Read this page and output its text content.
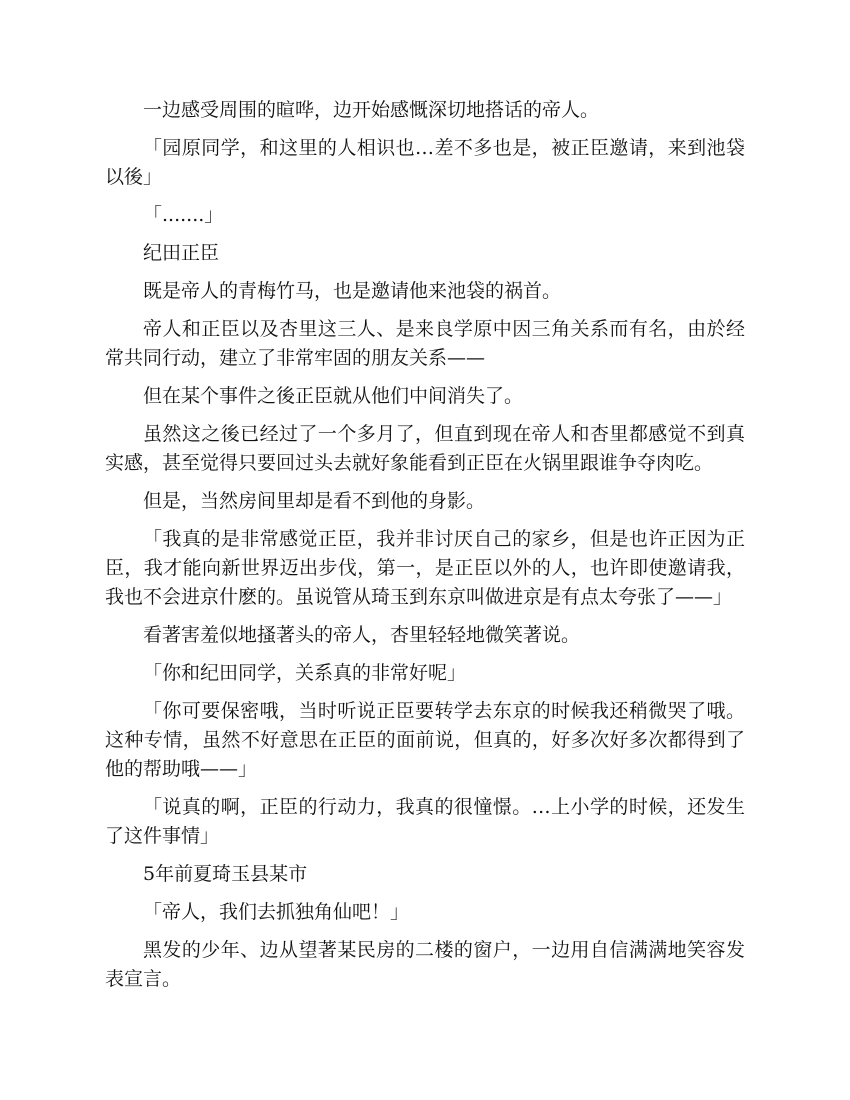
一边感受周围的暄哗，边开始感慨深切地搭话的帝人。

「园原同学，和这里的人相识也…差不多也是，被正臣邀请，来到池袋以後」

「.......」

纪田正臣

既是帝人的青梅竹马，也是邀请他来池袋的祸首。

帝人和正臣以及杏里这三人、是来良学原中因三角关系而有名，由於经常共同行动，建立了非常牢固的朋友关系——

但在某个事件之後正臣就从他们中间消失了。

虽然这之後已经过了一个多月了，但直到现在帝人和杏里都感觉不到真实感，甚至觉得只要回过头去就好象能看到正臣在火锅里跟谁争夺肉吃。

但是，当然房间里却是看不到他的身影。

「我真的是非常感觉正臣，我并非讨厌自己的家乡，但是也许正因为正臣，我才能向新世界迈出步伐，第一，是正臣以外的人，也许即使邀请我，我也不会进京什麽的。虽说管从琦玉到东京叫做进京是有点太夸张了——」

看著害羞似地搔著头的帝人，杏里轻轻地微笑著说。

「你和纪田同学，关系真的非常好呢」

「你可要保密哦，当时听说正臣要转学去东京的时候我还稍微哭了哦。这种专情，虽然不好意思在正臣的面前说，但真的，好多次好多次都得到了他的帮助哦——」

「说真的啊，正臣的行动力，我真的很憧憬。…上小学的时候，还发生了这件事情」

5年前夏琦玉县某市

「帝人，我们去抓独角仙吧！」

黑发的少年、边从望著某民房的二楼的窗户，一边用自信满满地笑容发表宣言。
